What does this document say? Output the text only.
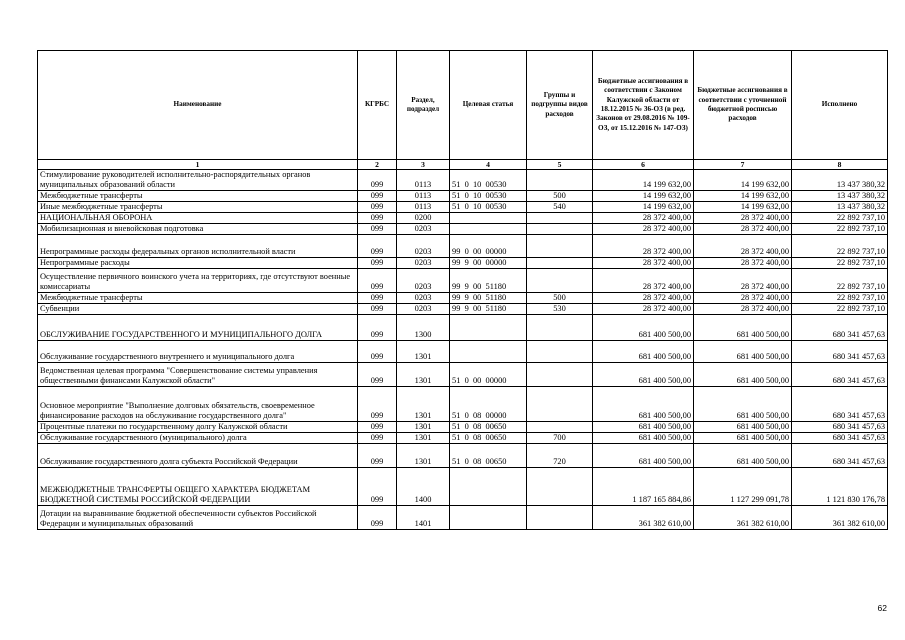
Наименование	КГРБС	Раздел, подраздел	Целевая статья	Группы и подгруппы видов расходов	Бюджетные ассигнования в соответствии с Законом Калужской области от 18.12.2015 № 36-ОЗ (в ред. Законов от 29.08.2016 № 109-ОЗ, от 15.12.2016 № 147-ОЗ)	Бюджетные ассигнования в соответствии с уточненной бюджетной росписью расходов	Исполнено
1	2	3	4	5	6	7	8
Стимулирование руководителей исполнительно-распорядительных органов муниципальных образований области	099	0113	51  0  10  00530		14 199 632,00	14 199 632,00	13 437 380,32
Межбюджетные трансферты	099	0113	51  0  10  00530	500	14 199 632,00	14 199 632,00	13 437 380,32
Иные межбюджетные трансферты	099	0113	51  0  10  00530	540	14 199 632,00	14 199 632,00	13 437 380,32
НАЦИОНАЛЬНАЯ ОБОРОНА	099	0200			28 372 400,00	28 372 400,00	22 892 737,10
Мобилизационная и вневойсковая подготовка	099	0203			28 372 400,00	28 372 400,00	22 892 737,10
Непрограммные расходы федеральных органов исполнительной власти	099	0203	99  0  00  00000		28 372 400,00	28 372 400,00	22 892 737,10
Непрограммные расходы	099	0203	99  9  00  00000		28 372 400,00	28 372 400,00	22 892 737,10
Осуществление первичного воинского учета на территориях, где отсутствуют военные комиссариаты	099	0203	99  9  00  51180		28 372 400,00	28 372 400,00	22 892 737,10
Межбюджетные трансферты	099	0203	99  9  00  51180	500	28 372 400,00	28 372 400,00	22 892 737,10
Субвенции	099	0203	99  9  00  51180	530	28 372 400,00	28 372 400,00	22 892 737,10
ОБСЛУЖИВАНИЕ ГОСУДАРСТВЕННОГО И МУНИЦИПАЛЬНОГО ДОЛГА	099	1300			681 400 500,00	681 400 500,00	680 341 457,63
Обслуживание государственного внутреннего и муниципального долга	099	1301			681 400 500,00	681 400 500,00	680 341 457,63
Ведомственная целевая программа "Совершенствование системы управления общественными финансами Калужской области"	099	1301	51  0  00  00000		681 400 500,00	681 400 500,00	680 341 457,63
Основное мероприятие "Выполнение долговых обязательств, своевременное финансирование расходов на обслуживание государственного долга"	099	1301	51  0  08  00000		681 400 500,00	681 400 500,00	680 341 457,63
Процентные платежи по государственному долгу Калужской области	099	1301	51  0  08  00650		681 400 500,00	681 400 500,00	680 341 457,63
Обслуживание государственного (муниципального) долга	099	1301	51  0  08  00650	700	681 400 500,00	681 400 500,00	680 341 457,63
Обслуживание государственного долга субъекта Российской Федерации	099	1301	51  0  08  00650	720	681 400 500,00	681 400 500,00	680 341 457,63
МЕЖБЮДЖЕТНЫЕ ТРАНСФЕРТЫ ОБЩЕГО ХАРАКТЕРА БЮДЖЕТАМ БЮДЖЕТНОЙ СИСТЕМЫ РОССИЙСКОЙ ФЕДЕРАЦИИ	099	1400			1 187 165 884,86	1 127 299 091,78	1 121 830 176,78
Дотации на выравнивание бюджетной обеспеченности субъектов Российской Федерации и муниципальных образований	099	1401			361 382 610,00	361 382 610,00	361 382 610,00
62
